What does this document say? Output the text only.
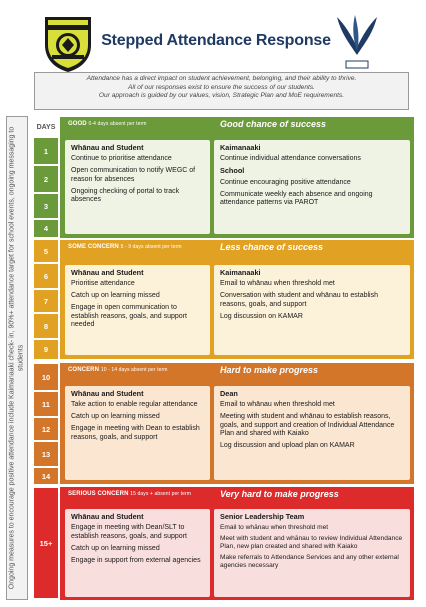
Stepped Attendance Response
Attendance has a direct impact on student achievement, belonging, and their ability to thrive.
All of our responses exist to ensure the success of our students.
Our approach is guided by our values, vision, Strategic Plan and MoE requirements.
Ongoing measures to encourage positive attendance include Kaimanaaki check- in, 90%+ attendance target for school events, ongoing messaging to students
DAYS
1
2
3
4
5
6
7
8
9
10
11
12
13
14
15+
GOOD 0-4 days absent per term	Good chance of success
Whānau and Student

Continue to prioritise attendance

Open communication to notify WEGC of reason for absences

Ongoing checking of portal to track absences

Kaimanaaki

Continue individual attendance conversations

School

Continue encouraging positive attendance

Communicate weekly each absence and ongoing attendance patterns via PAROT

SOME CONCERN 5 - 9 days absent per term	Less chance of success
Whānau and Student

Prioritise attendance

Catch up on learning missed

Engage in open communication to establish reasons, goals, and support needed

Kaimanaaki

Email to whānau when threshold met

Conversation with student and whānau to establish reasons, goals, and support

Log discussion on KAMAR

CONCERN 10 - 14 days absent per term	Hard to make progress
Whānau and Student

Take action to enable regular attendance

Catch up on learning missed

Engage in meeting with Dean to establish reasons, goals, and support

Dean

Email to whānau when threshold met

Meeting with student and whānau to establish reasons, goals, and support and creation of Individual Attendance Plan and shared with Kaiako

Log discussion and upload plan on KAMAR

SERIOUS CONCERN 15 days + absent per term	Very hard to make progress
Whānau and Student

Engage in meeting with Dean/SLT to establish reasons, goals, and support

Catch up on learning missed

Engage in support from external agencies

Senior Leadership Team

Email to whānau when threshold met

Meet with student and whānau to review Individual Attendance Plan, new plan created and shared with Kaiako

Make referrals to Attendance Services and any other external agencies necessary
